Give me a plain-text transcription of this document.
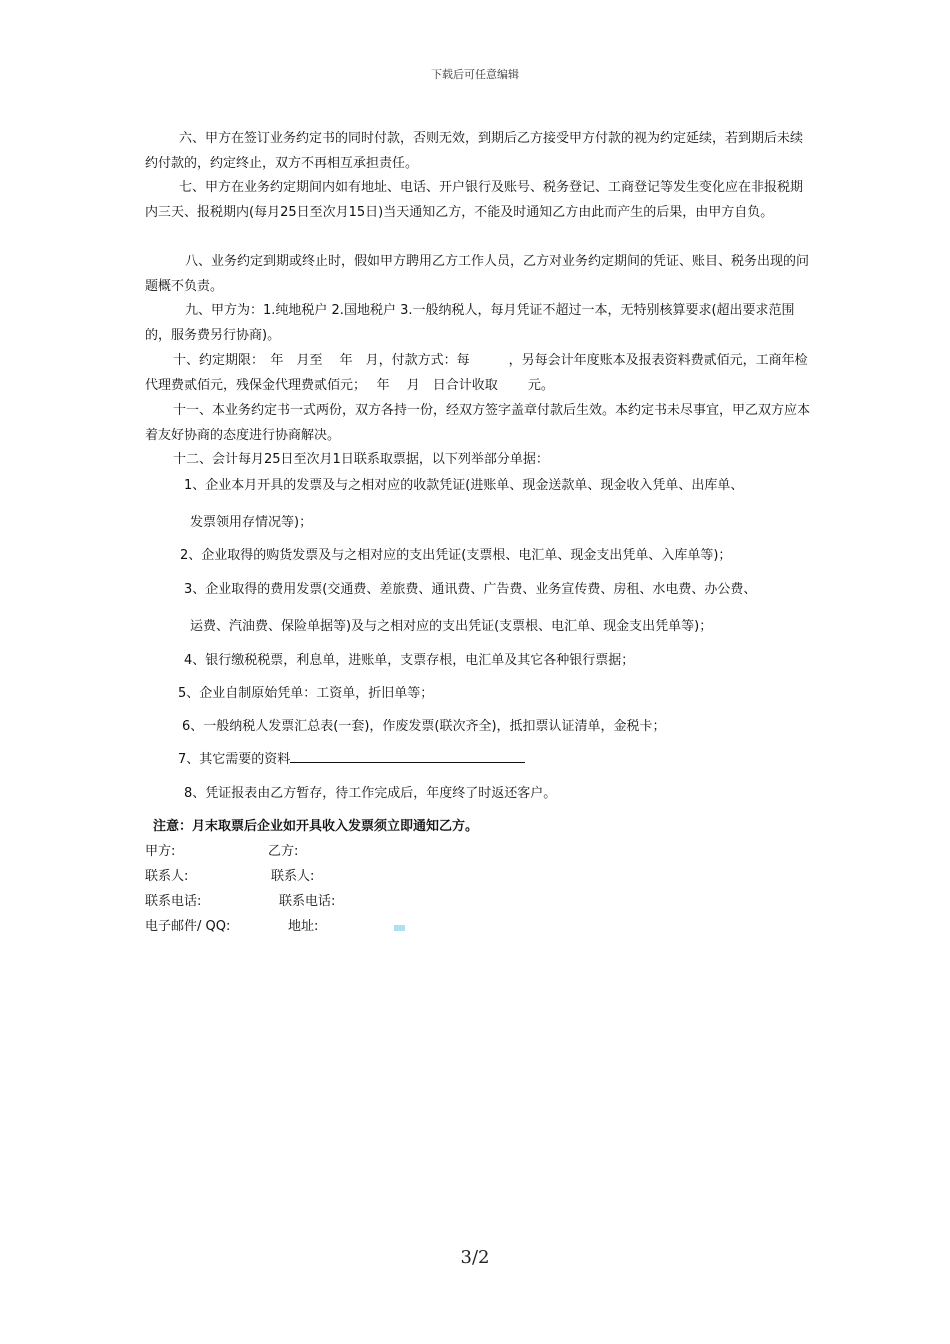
下载后可任意编辑
六、甲方在签订业务约定书的同时付款，否则无效，到期后乙方接受甲方付款的视为约定延续，若到期后未续约付款的，约定终止，双方不再相互承担责任。
七、甲方在业务约定期间内如有地址、电话、开户银行及账号、税务登记、工商登记等发生变化应在非报税期内三天、报税期内(每月25日至次月15日)当天通知乙方，不能及时通知乙方由此而产生的后果，由甲方自负。
八、业务约定到期或终止时，假如甲方聘用乙方工作人员，乙方对业务约定期间的凭证、账目、税务出现的问题概不负责。
九、甲方为：1.纯地税户 2.国地税户 3.一般纳税人，每月凭证不超过一本，无特别核算要求(超出要求范围的，服务费另行协商)。
十、约定期限：　年　月至　 年　月，付款方式：每　　　，另每会计年度账本及报表资料费贰佰元，工商年检代理费贰佰元，残保金代理费贰佰元；　 年　 月　日合计收取　　 元。
十一、本业务约定书一式两份，双方各持一份，经双方签字盖章付款后生效。本约定书未尽事宜，甲乙双方应本着友好协商的态度进行协商解决。
十二、会计每月25日至次月1日联系取票据，以下列举部分单据：
1、企业本月开具的发票及与之相对应的收款凭证(进账单、现金送款单、现金收入凭单、出库单、
发票领用存情况等)；
2、企业取得的购货发票及与之相对应的支出凭证(支票根、电汇单、现金支出凭单、入库单等)；
3、企业取得的费用发票(交通费、差旅费、通讯费、广告费、业务宣传费、房租、水电费、办公费、
运费、汽油费、保险单据等)及与之相对应的支出凭证(支票根、电汇单、现金支出凭单等)；
4、银行缴税税票，利息单，进账单，支票存根，电汇单及其它各种银行票据；
5、企业自制原始凭单：工资单，折旧单等；
6、一般纳税人发票汇总表(一套)，作废发票(联次齐全)，抵扣票认证清单，金税卡；
7、其它需要的资料
8、凭证报表由乙方暂存，待工作完成后，年度终了时返还客户。
注意：月末取票后企业如开具收入发票须立即通知乙方。
甲方:	乙方:
联系人:	联系人:
联系电话:	联系电话:
电子邮件/ QQ:	地址:
3/2
